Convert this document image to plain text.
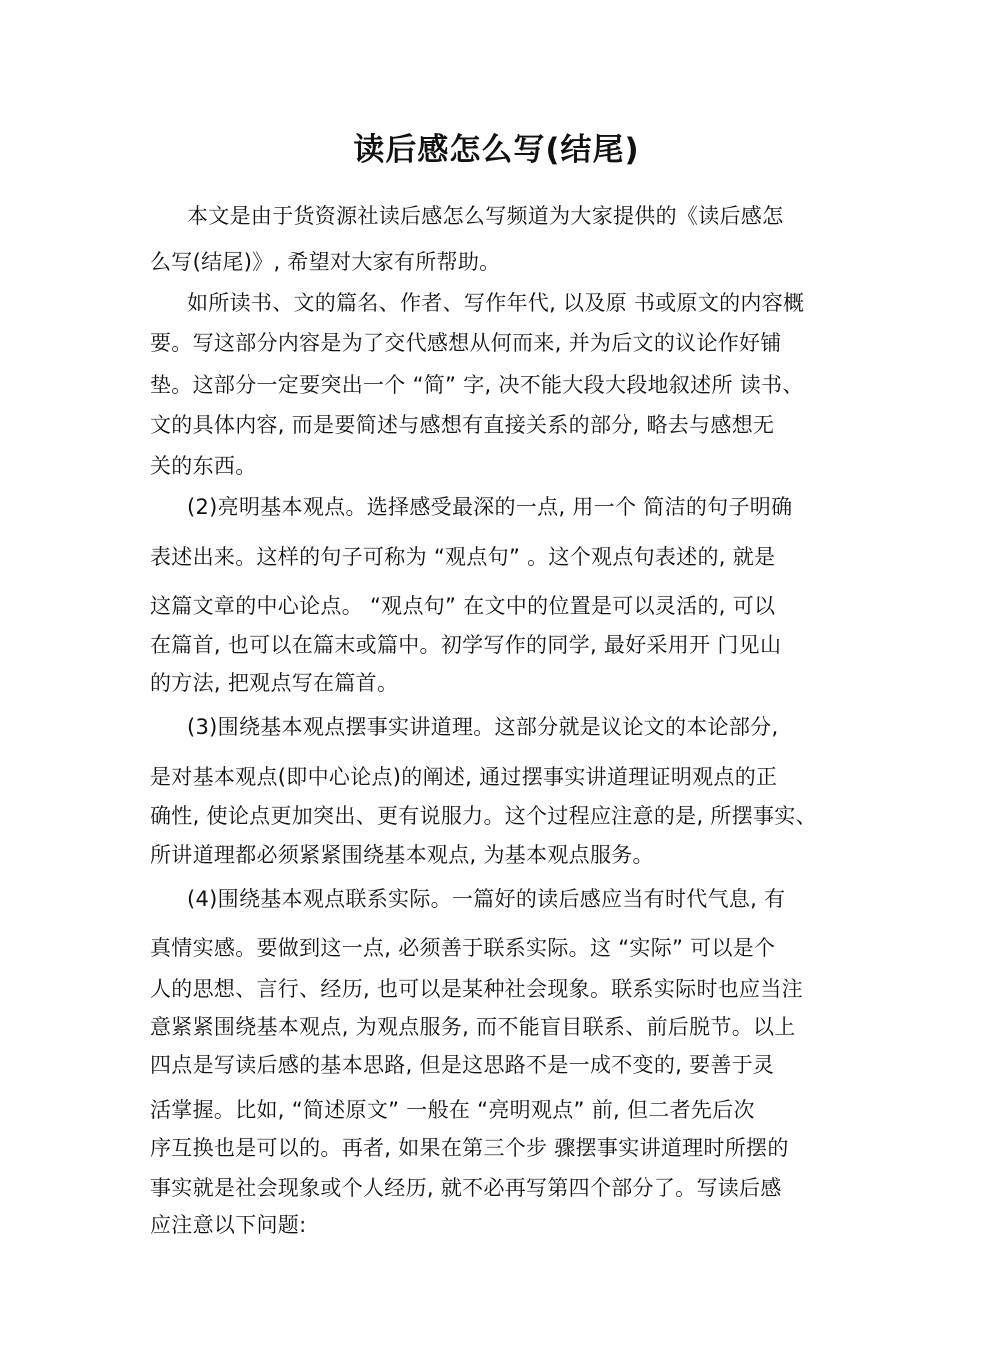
读后感怎么写(结尾)

本文是由于货资源社读后感怎么写频道为大家提供的《读后感怎

么写(结尾)》, 希望对大家有所帮助。

如所读书、文的篇名、作者、写作年代, 以及原 书或原文的内容概

要。写这部分内容是为了交代感想从何而来, 并为后文的议论作好铺

垫。这部分一定要突出一个 “简” 字, 决不能大段大段地叙述所 读书、

文的具体内容, 而是要简述与感想有直接关系的部分, 略去与感想无

关的东西。

(2)亮明基本观点。选择感受最深的一点, 用一个 简洁的句子明确

表述出来。这样的句子可称为 “观点句” 。这个观点句表述的, 就是

这篇文章的中心论点。 “观点句” 在文中的位置是可以灵活的, 可以

在篇首, 也可以在篇末或篇中。初学写作的同学, 最好采用开 门见山

的方法, 把观点写在篇首。

(3)围绕基本观点摆事实讲道理。这部分就是议论文的本论部分,

是对基本观点(即中心论点)的阐述, 通过摆事实讲道理证明观点的正

确性, 使论点更加突出、更有说服力。这个过程应注意的是, 所摆事实、

所讲道理都必须紧紧围绕基本观点, 为基本观点服务。

(4)围绕基本观点联系实际。一篇好的读后感应当有时代气息, 有

真情实感。要做到这一点, 必须善于联系实际。这 “实际” 可以是个

人的思想、言行、经历, 也可以是某种社会现象。联系实际时也应当注

意紧紧围绕基本观点, 为观点服务, 而不能盲目联系、前后脱节。以上

四点是写读后感的基本思路, 但是这思路不是一成不变的, 要善于灵

活掌握。比如, “简述原文” 一般在 “亮明观点” 前, 但二者先后次

序互换也是可以的。再者, 如果在第三个步 骤摆事实讲道理时所摆的

事实就是社会现象或个人经历, 就不必再写第四个部分了。写读后感

应注意以下问题:
